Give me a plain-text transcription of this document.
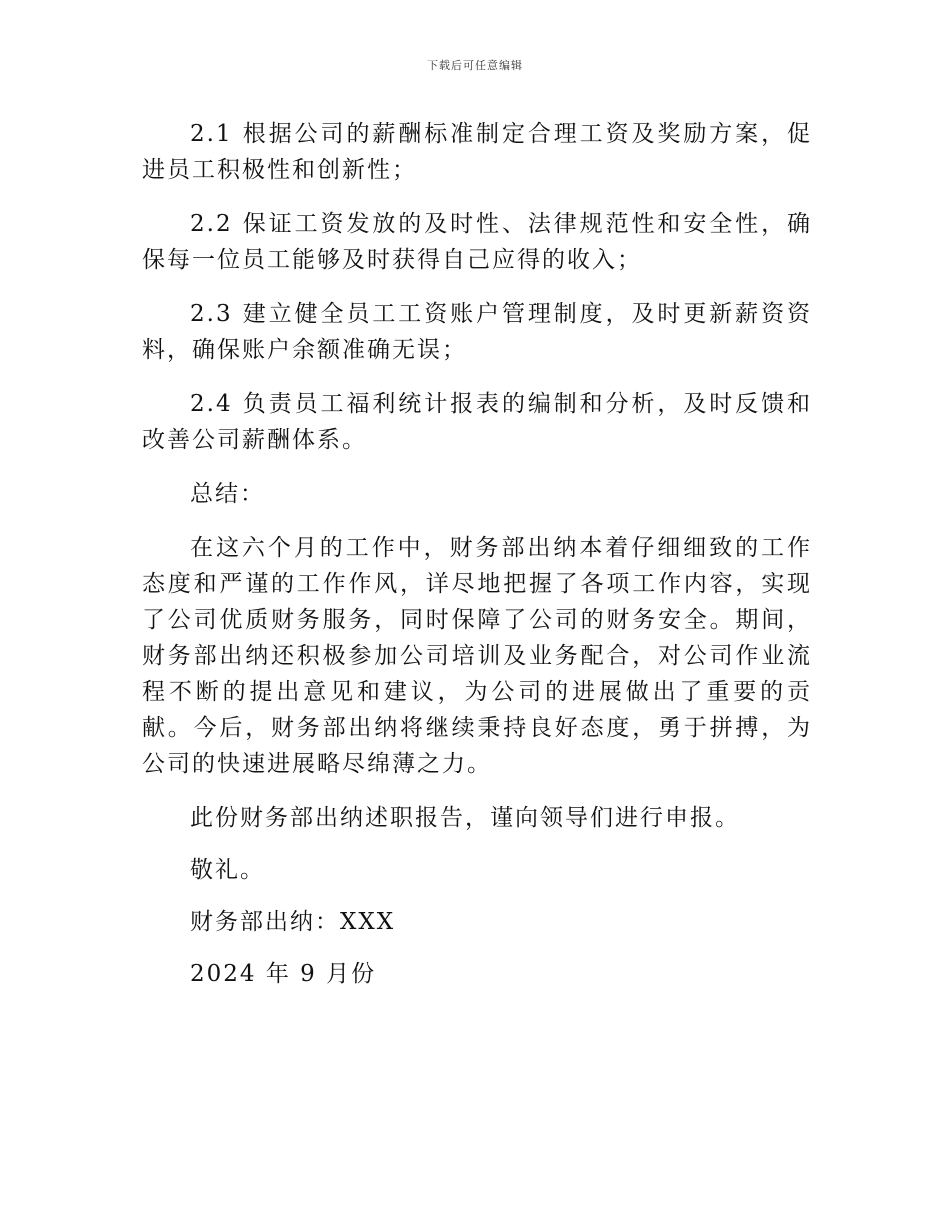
下载后可任意编辑

2.1 根据公司的薪酬标准制定合理工资及奖励方案，促进员工积极性和创新性；

2.2 保证工资发放的及时性、法律规范性和安全性，确保每一位员工能够及时获得自己应得的收入；

2.3 建立健全员工工资账户管理制度，及时更新薪资资料，确保账户余额准确无误；

2.4 负责员工福利统计报表的编制和分析，及时反馈和改善公司薪酬体系。

总结：

在这六个月的工作中，财务部出纳本着仔细细致的工作态度和严谨的工作作风，详尽地把握了各项工作内容，实现了公司优质财务服务，同时保障了公司的财务安全。期间，财务部出纳还积极参加公司培训及业务配合，对公司作业流程不断的提出意见和建议，为公司的进展做出了重要的贡献。今后，财务部出纳将继续秉持良好态度，勇于拼搏，为公司的快速进展略尽绵薄之力。

此份财务部出纳述职报告，谨向领导们进行申报。

敬礼。

财务部出纳：XXX

2024 年 9 月份
